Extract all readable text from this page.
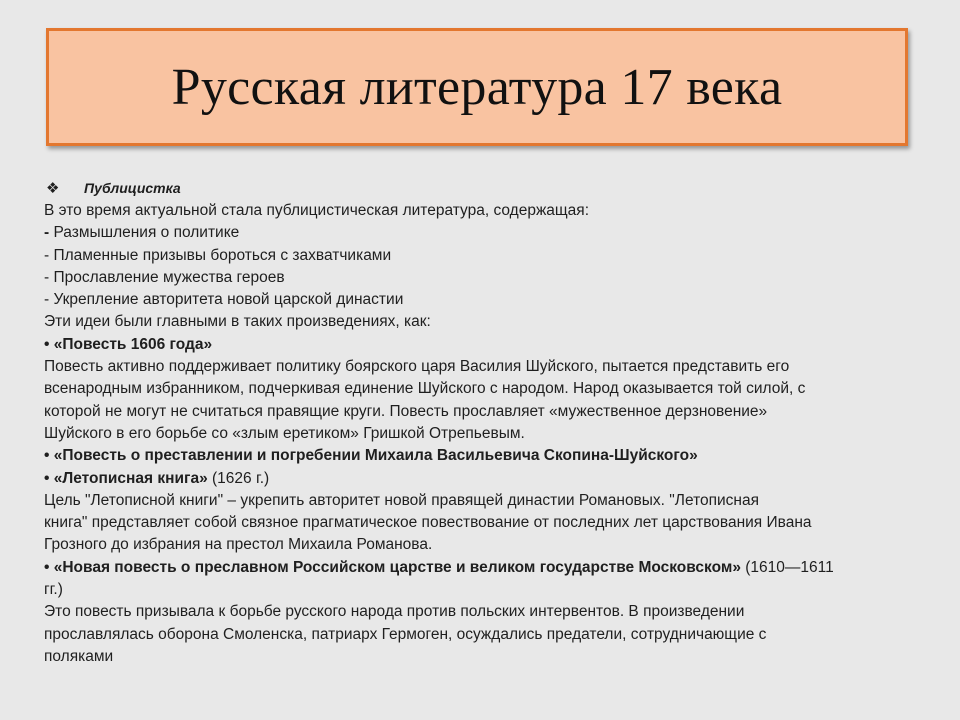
Русская литература 17 века
❖	Публицистка
В это время актуальной стала публицистическая литература, содержащая:
- Размышления о политике
- Пламенные призывы бороться с захватчиками
- Прославление мужества героев
- Укрепление авторитета новой царской династии
Эти идеи были главными в таких произведениях, как:
• «Повесть 1606 года»
Повесть активно поддерживает политику боярского царя Василия Шуйского, пытается представить его
всенародным избранником, подчеркивая единение Шуйского с народом. Народ оказывается той силой, с
которой не могут не считаться правящие круги. Повесть прославляет «мужественное дерзновение»
Шуйского в его борьбе со «злым еретиком» Гришкой Отрепьевым.
• «Повесть о преставлении и погребении Михаила Васильевича Скопина-Шуйского»
• «Летописная книга» (1626 г.)
Цель "Летописной книги" – укрепить авторитет новой правящей династии Романовых. "Летописная
книга" представляет собой связное прагматическое повествование от последних лет царствования Ивана
Грозного до избрания на престол Михаила Романова.
• «Новая повесть о преславном Российском царстве и великом государстве Московском» (1610—1611
гг.)
Это повесть призывала к борьбе русского народа против польских интервентов. В произведении
прославлялась оборона Смоленска, патриарх Гермоген, осуждались предатели, сотрудничающие с
поляками
